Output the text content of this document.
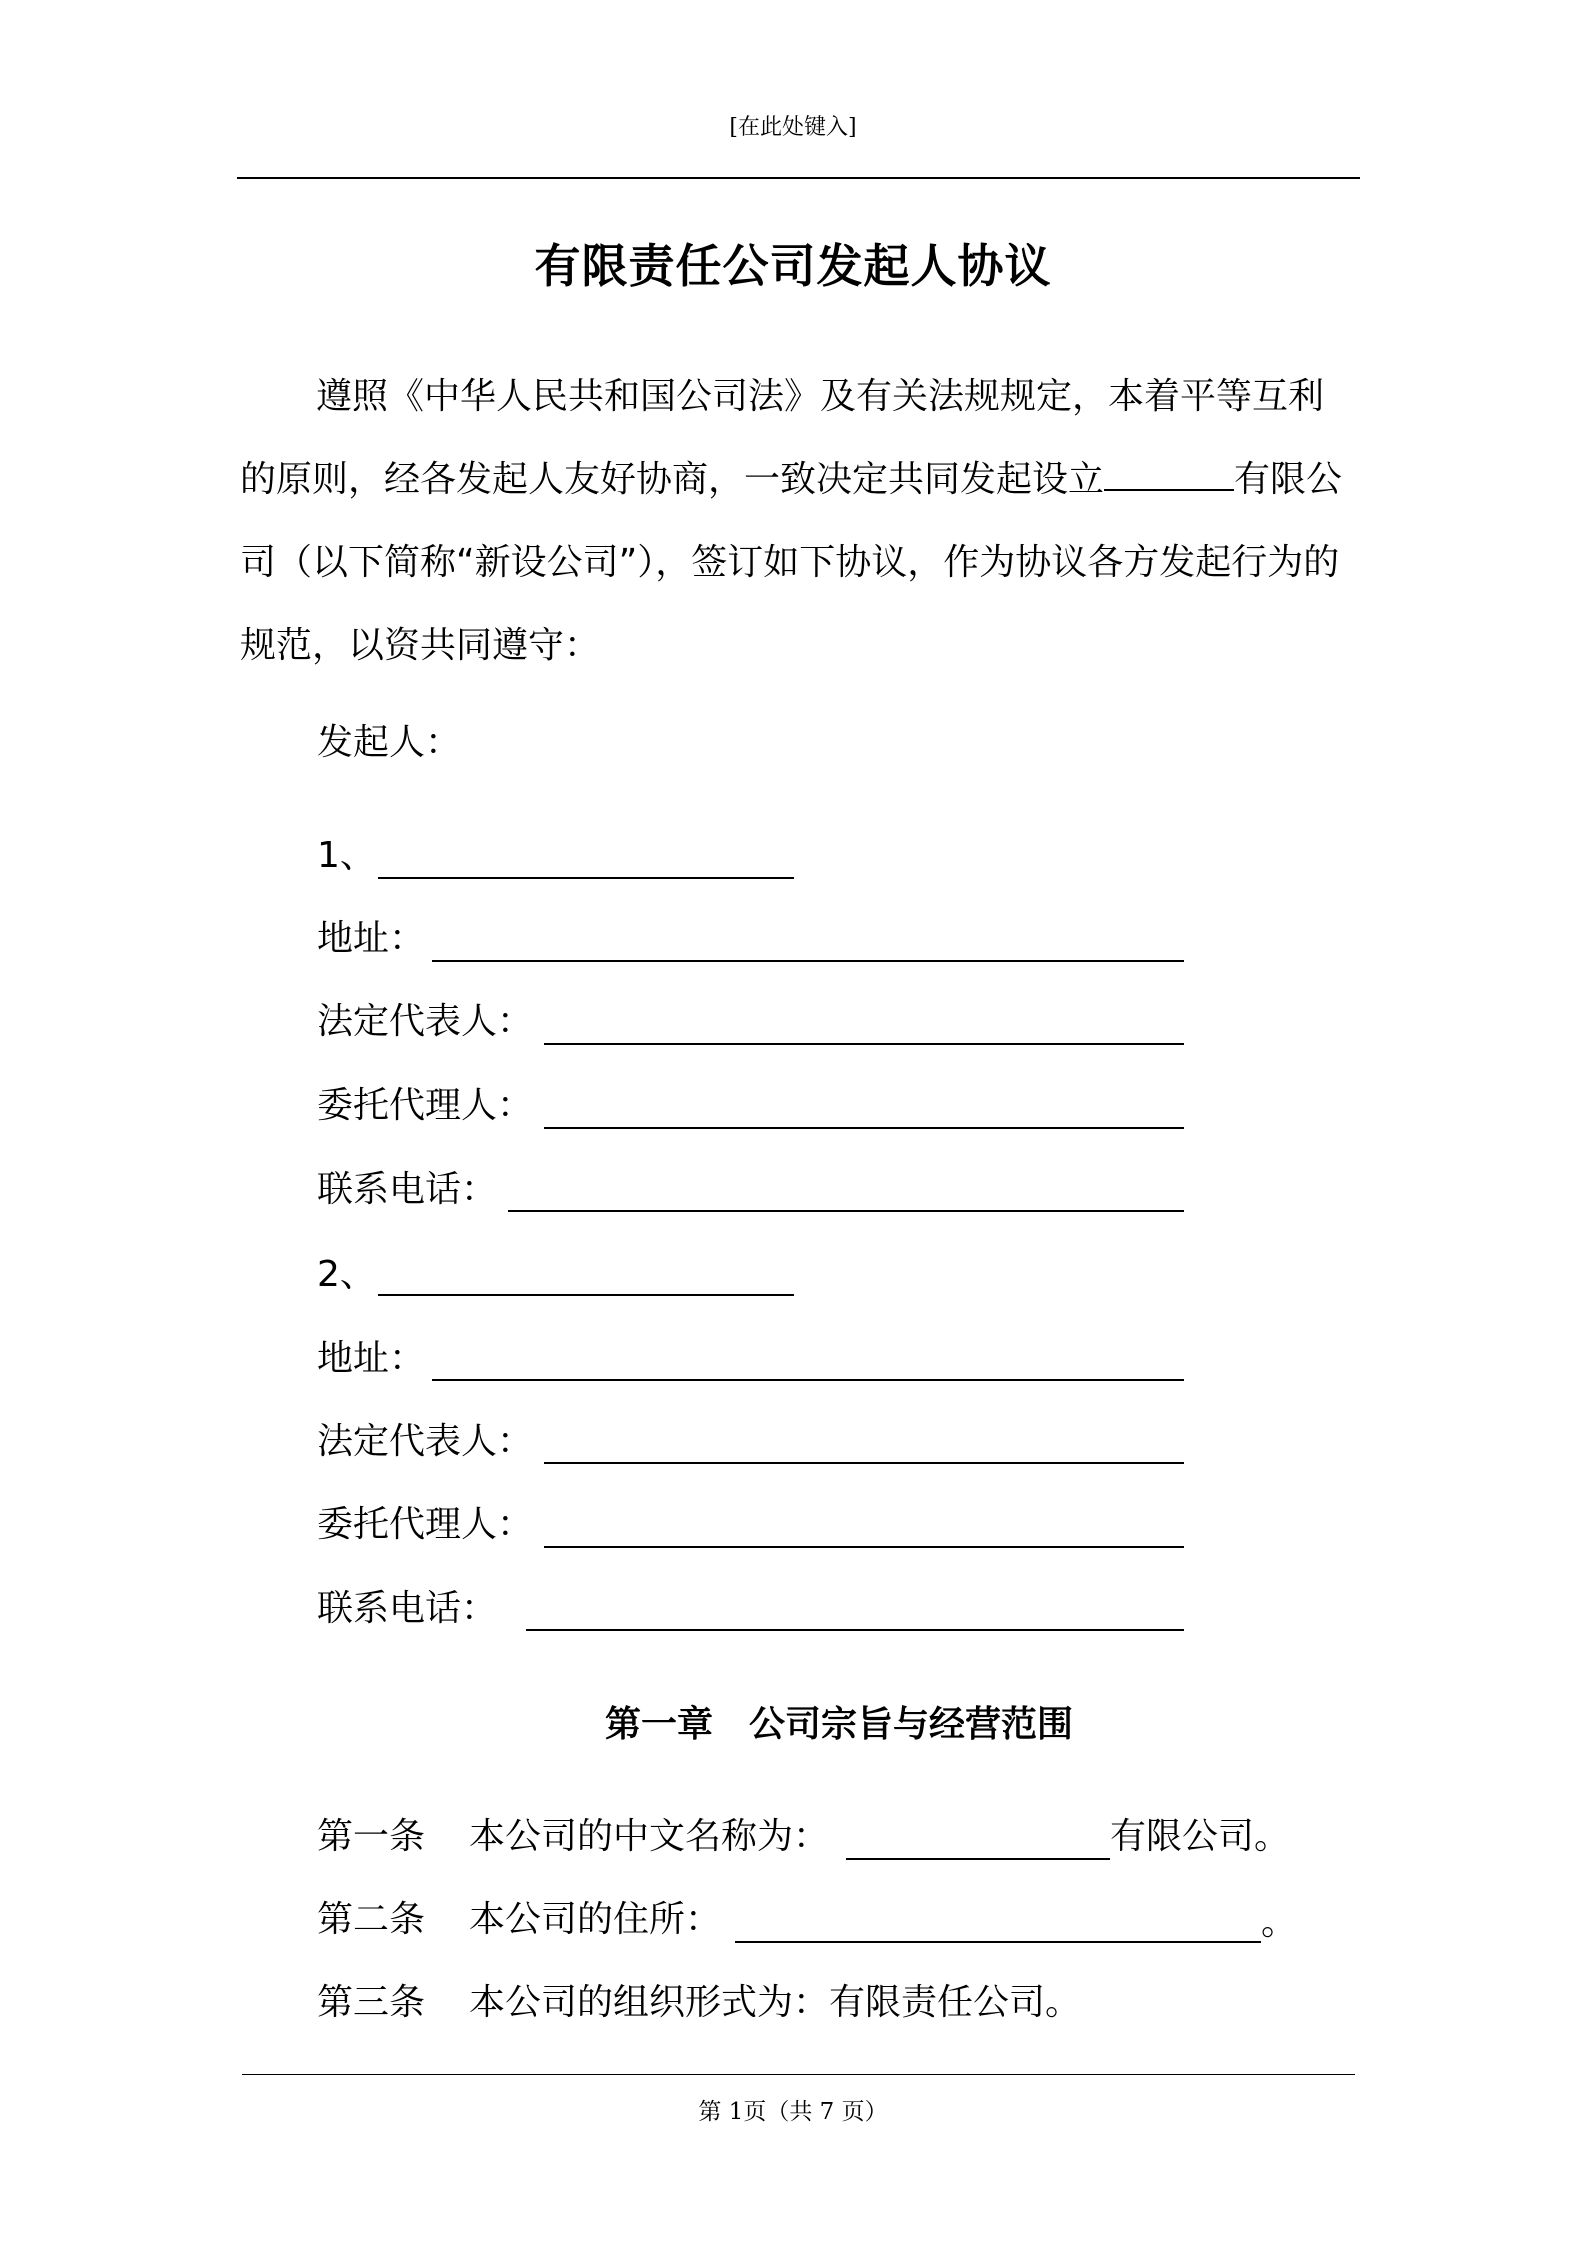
[在此处键入]
有限责任公司发起人协议

遵照《中华人民共和国公司法》及有关法规规定，本着平等互利的原则，经各发起人友好协商，一致决定共同发起设立	有限公司（以下简称“新设公司”），签订如下协议，作为协议各方发起行为的规范，以资共同遵守：

发起人：
1、
地址：
法定代表人：
委托代理人：
联系电话：
2、
地址：
法定代表人：
委托代理人：
联系电话：
第一章 公司宗旨与经营范围
第一条 本公司的中文名称为：	有限公司。
第二条 本公司的住所：	。
第三条 本公司的组织形式为：有限责任公司。
第 1页（共 7 页）
